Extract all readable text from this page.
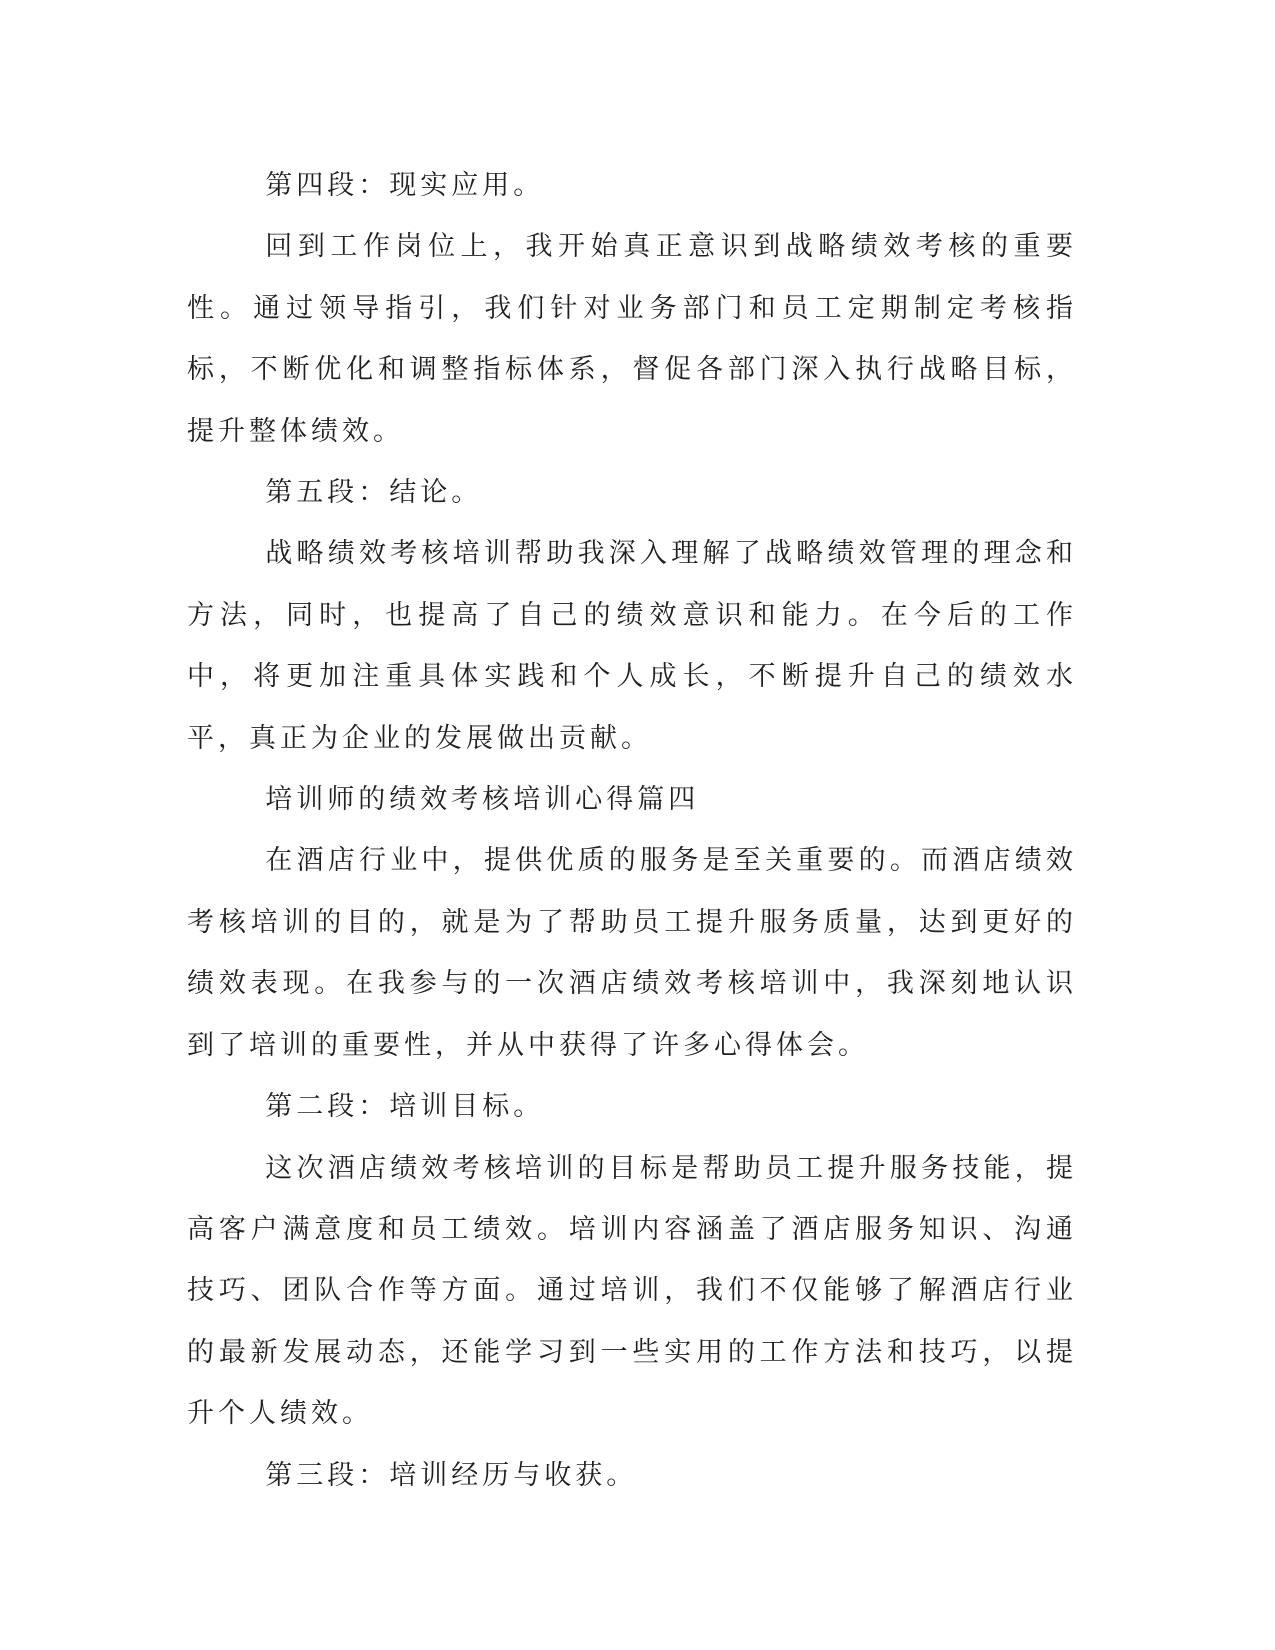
第四段：现实应用。

回到工作岗位上，我开始真正意识到战略绩效考核的重要性。通过领导指引，我们针对业务部门和员工定期制定考核指标，不断优化和调整指标体系，督促各部门深入执行战略目标，提升整体绩效。

第五段：结论。

战略绩效考核培训帮助我深入理解了战略绩效管理的理念和方法，同时，也提高了自己的绩效意识和能力。在今后的工作中，将更加注重具体实践和个人成长，不断提升自己的绩效水平，真正为企业的发展做出贡献。

培训师的绩效考核培训心得篇四

在酒店行业中，提供优质的服务是至关重要的。而酒店绩效考核培训的目的，就是为了帮助员工提升服务质量，达到更好的绩效表现。在我参与的一次酒店绩效考核培训中，我深刻地认识到了培训的重要性，并从中获得了许多心得体会。

第二段：培训目标。

这次酒店绩效考核培训的目标是帮助员工提升服务技能，提高客户满意度和员工绩效。培训内容涵盖了酒店服务知识、沟通技巧、团队合作等方面。通过培训，我们不仅能够了解酒店行业的最新发展动态，还能学习到一些实用的工作方法和技巧，以提升个人绩效。

第三段：培训经历与收获。
